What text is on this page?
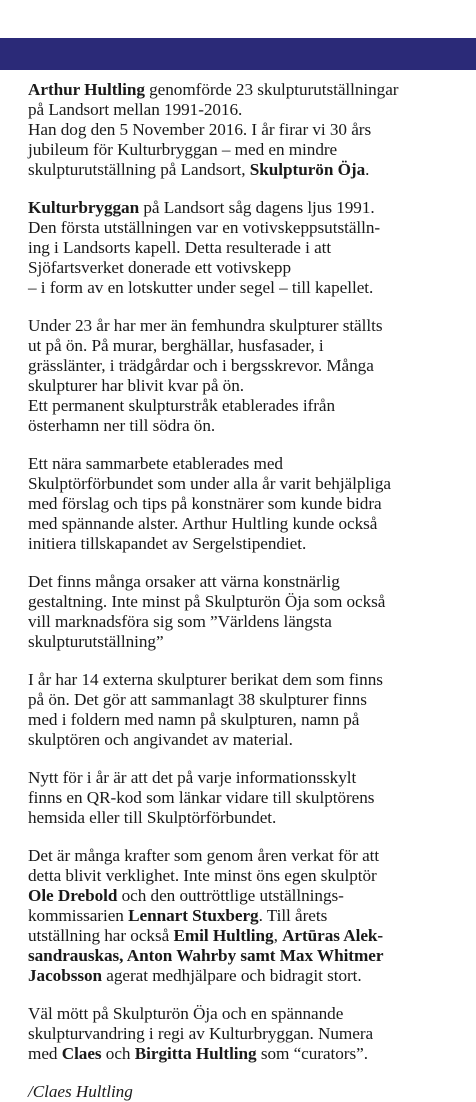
Arthur Hultling genomförde 23 skulpturutställningar
på Landsort mellan 1991-2016.
Han dog den 5 November 2016. I år firar vi 30 års
jubileum för Kulturbryggan – med en mindre
skulpturutställning på Landsort, Skulpturön Öja.
Kulturbryggan på Landsort såg dagens ljus 1991.
Den första utställningen var en votivskeppsutställn-
ing i Landsorts kapell. Detta resulterade i att
Sjöfartsverket donerade ett votivskepp
– i form av en lotskutter under segel – till kapellet.
Under 23 år har mer än femhundra skulpturer ställts
ut på ön. På murar, berghällar, husfasader, i
grässlänter, i trädgårdar och i bergsskrevor. Många
skulpturer har blivit kvar på ön.
Ett permanent skulpturstråk etablerades ifrån
österhamn ner till södra ön.
Ett nära sammarbete etablerades med
Skulptörförbundet som under alla år varit behjälpliga
med förslag och tips på konstnärer som kunde bidra
med spännande alster. Arthur Hultling kunde också
initiera tillskapandet av Sergelstipendiet.
Det finns många orsaker att värna konstnärlig
gestaltning. Inte minst på Skulpturön Öja som också
vill marknadsföra sig som ”Världens längsta
skulpturutställning”
I år har 14 externa skulpturer berikat dem som finns
på ön. Det gör att sammanlagt 38 skulpturer finns
med i foldern med namn på skulpturen, namn på
skulptören och angivandet av material.
Nytt för i år är att det på varje informationsskylt
finns en QR-kod som länkar vidare till skulptörens
hemsida eller till Skulptörförbundet.
Det är många krafter som genom åren verkat för att
detta blivit verklighet. Inte minst öns egen skulptör
Ole Drebold och den outtröttlige utställnings-
kommissarien Lennart Stuxberg. Till årets
utställning har också Emil Hultling, Artūras Alek-
sandrauskas, Anton Wahrby samt Max Whitmer
Jacobsson agerat medhjälpare och bidragit stort.
Väl mött på Skulpturön Öja och en spännande
skulpturvandring i regi av Kulturbryggan. Numera
med Claes och Birgitta Hultling som “curators”.
/Claes Hultling
